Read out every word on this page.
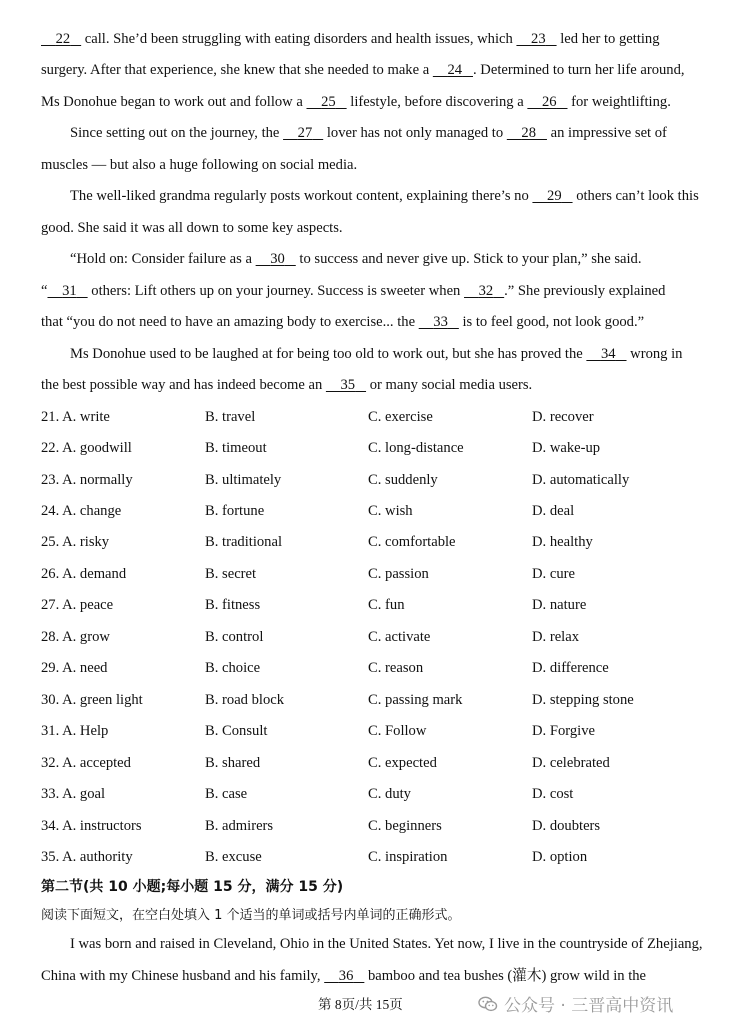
22    call. She’d been struggling with eating disorders and health issues, which     23    led her to getting
surgery. After that experience, she knew that she needed to make a     24 . Determined to turn her life around,
Ms Donohue began to work out and follow a     25    lifestyle, before discovering a     26    for weightlifting.
Since setting out on the journey, the     27    lover has not only managed to     28    an impressive set of
muscles — but also a huge following on social media.
The well-liked grandma regularly posts workout content, explaining there’s no     29    others can’t look this
good. She said it was all down to some key aspects.
“Hold on: Consider failure as a     30    to success and never give up. Stick to your plan,” she said.
“ 31    others: Lift others up on your journey. Success is sweeter when     32 .” She previously explained
that “you do not need to have an amazing body to exercise... the     33    is to feel good, not look good.”
Ms Donohue used to be laughed at for being too old to work out, but she has proved the     34    wrong in
the best possible way and has indeed become an     35    or many social media users.
21. A. write	B. travel	C. exercise	D. recover
22. A. goodwill	B. timeout	C. long-distance	D. wake-up
23. A. normally	B. ultimately	C. suddenly	D. automatically
24. A. change	B. fortune	C. wish	D. deal
25. A. risky	B. traditional	C. comfortable	D. healthy
26. A. demand	B. secret	C. passion	D. cure
27. A. peace	B. fitness	C. fun	D. nature
28. A. grow	B. control	C. activate	D. relax
29. A. need	B. choice	C. reason	D. difference
30. A. green light	B. road block	C. passing mark	D. stepping stone
31. A. Help	B. Consult	C. Follow	D. Forgive
32. A. accepted	B. shared	C. expected	D. celebrated
33. A. goal	B. case	C. duty	D. cost
34. A. instructors	B. admirers	C. beginners	D. doubters
35. A. authority	B. excuse	C. inspiration	D. option
第二节(共 10 小题;每小题 15 分，满分 15 分)
阅读下面短文，在空白处填入 1 个适当的单词或括号内单词的正确形式。
I was born and raised in Cleveland, Ohio in the United States. Yet now, I live in the countryside of Zhejiang,
China with my Chinese husband and his family,     36    bamboo and tea bushes (灌木) grow wild in the
第 8页/共 15页	公众号 · 三晋高中资讯
